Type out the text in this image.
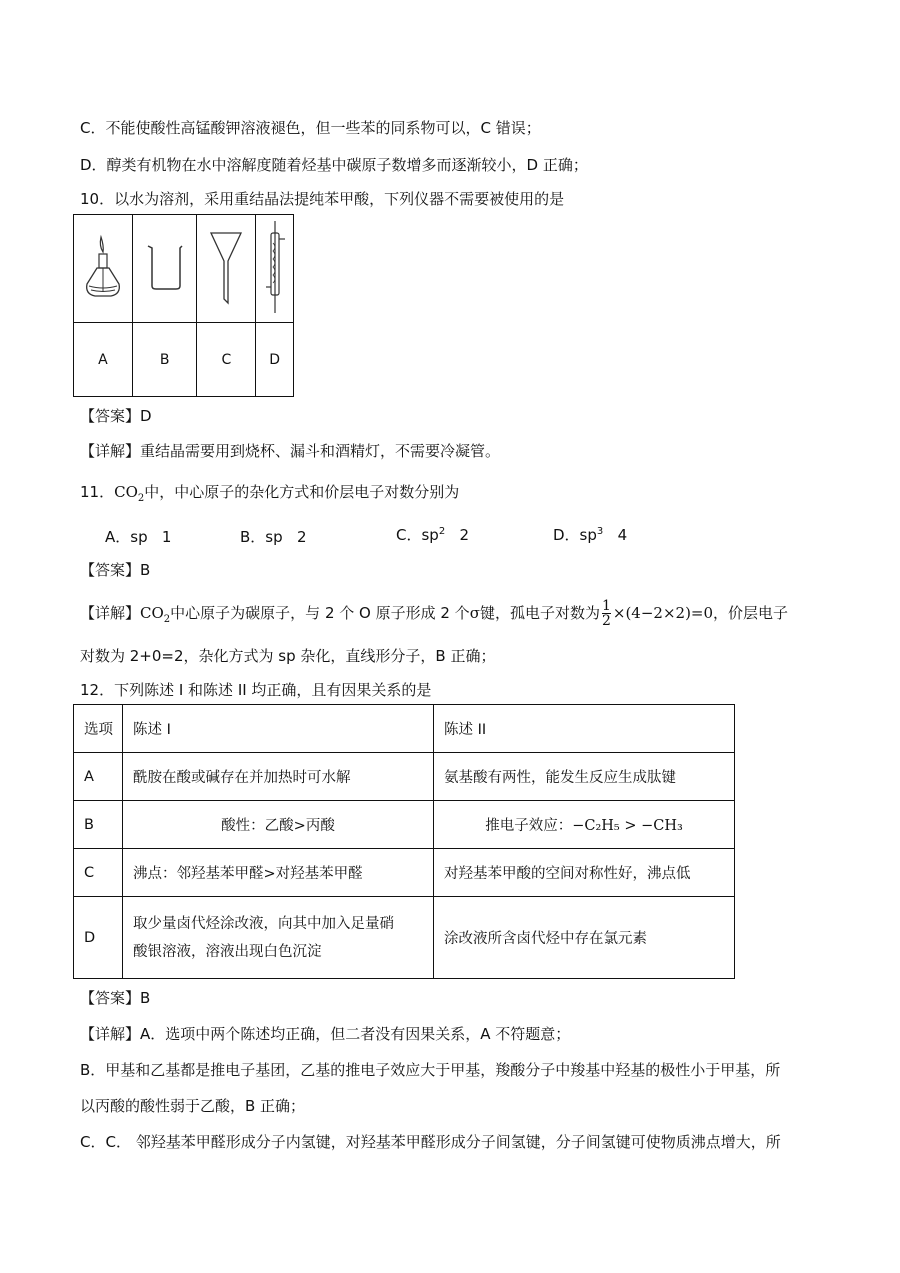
C．不能使酸性高锰酸钾溶液褪色，但一些苯的同系物可以，C 错误；
D．醇类有机物在水中溶解度随着烃基中碳原子数增多而逐渐较小，D 正确；
10．以水为溶剂，采用重结晶法提纯苯甲酸，下列仪器不需要被使用的是

A	B	C	D
【答案】D
【详解】重结晶需要用到烧杯、漏斗和酒精灯，不需要冷凝管。
11．$CO_2$中，中心原子的杂化方式和价层电子对数分别为
A．sp 1	B．sp 2	C．$sp^2$ 2	D．$sp^3$ 4
【答案】B
【详解】$CO_2$中心原子为碳原子，与 2 个 O 原子形成 2 个σ键，孤电子对数为 $\frac{1}{2} \times(4-2\times 2)=0$，价层电子
对数为 2+0=2，杂化方式为 sp 杂化，直线形分子，B 正确；
12．下列陈述 I 和陈述 II 均正确，且有因果关系的是
选项	陈述 I	陈述 II
A	酰胺在酸或碱存在并加热时可水解	氨基酸有两性，能发生反应生成肽键
B	酸性：乙酸>丙酸	推电子效应：−C₂H₅ > −CH₃
C	沸点：邻羟基苯甲醛>对羟基苯甲醛	对羟基苯甲酸的空间对称性好，沸点低
D	取少量卤代烃涂改液，向其中加入足量硝
酸银溶液，溶液出现白色沉淀	涂改液所含卤代烃中存在氯元素
【答案】B
【详解】A．选项中两个陈述均正确，但二者没有因果关系，A 不符题意；
B．甲基和乙基都是推电子基团，乙基的推电子效应大于甲基，羧酸分子中羧基中羟基的极性小于甲基，所
以丙酸的酸性弱于乙酸，B 正确；
C．C． 邻羟基苯甲醛形成分子内氢键，对羟基苯甲醛形成分子间氢键，分子间氢键可使物质沸点增大，所
